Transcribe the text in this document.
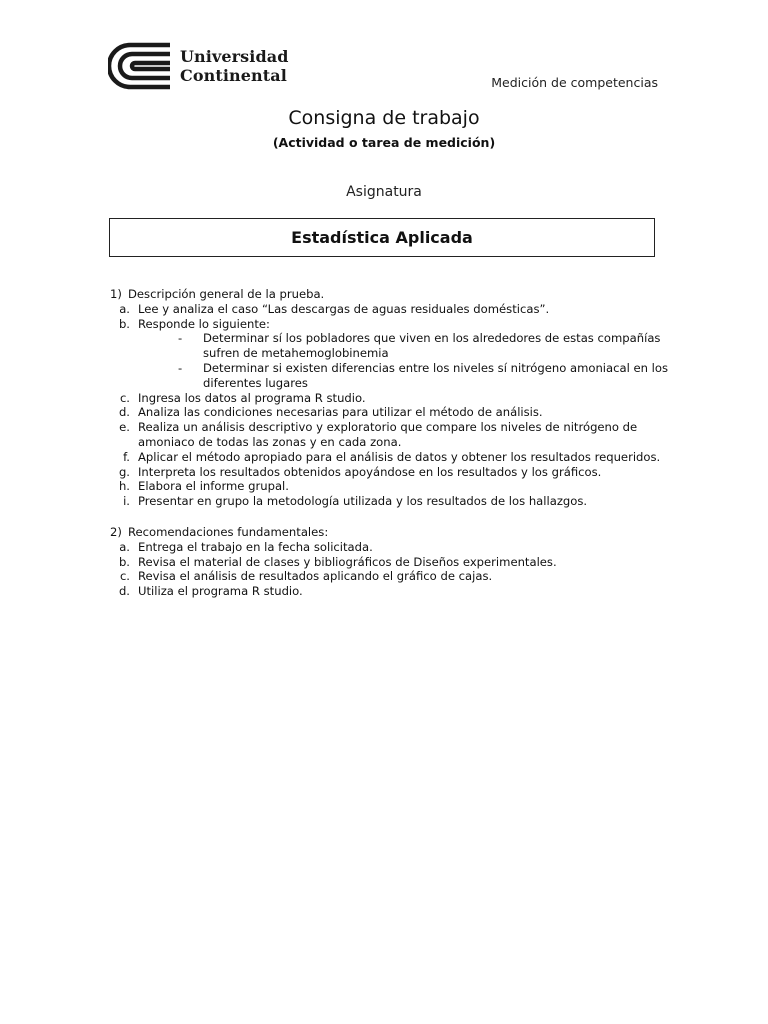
Universidad
Continental	Medición de competencias
Consigna de trabajo
(Actividad o tarea de medición)
Asignatura
Estadística Aplicada
1) Descripción general de la prueba.
a. Lee y analiza el caso “Las descargas de aguas residuales domésticas”.
b. Responde lo siguiente:
- Determinar sí los pobladores que viven en los alrededores de estas compañías sufren de metahemoglobinemia
- Determinar si existen diferencias entre los niveles sí nitrógeno amoniacal en los diferentes lugares
c. Ingresa los datos al programa R studio.
d. Analiza las condiciones necesarias para utilizar el método de análisis.
e. Realiza un análisis descriptivo y exploratorio que compare los niveles de nitrógeno de amoniaco de todas las zonas y en cada zona.
f. Aplicar el método apropiado para el análisis de datos y obtener los resultados requeridos.
g. Interpreta los resultados obtenidos apoyándose en los resultados y los gráficos.
h. Elabora el informe grupal.
i. Presentar en grupo la metodología utilizada y los resultados de los hallazgos.
2) Recomendaciones fundamentales:
a. Entrega el trabajo en la fecha solicitada.
b. Revisa el material de clases y bibliográficos de Diseños experimentales.
c. Revisa el análisis de resultados aplicando el gráfico de cajas.
d. Utiliza el programa R studio.
